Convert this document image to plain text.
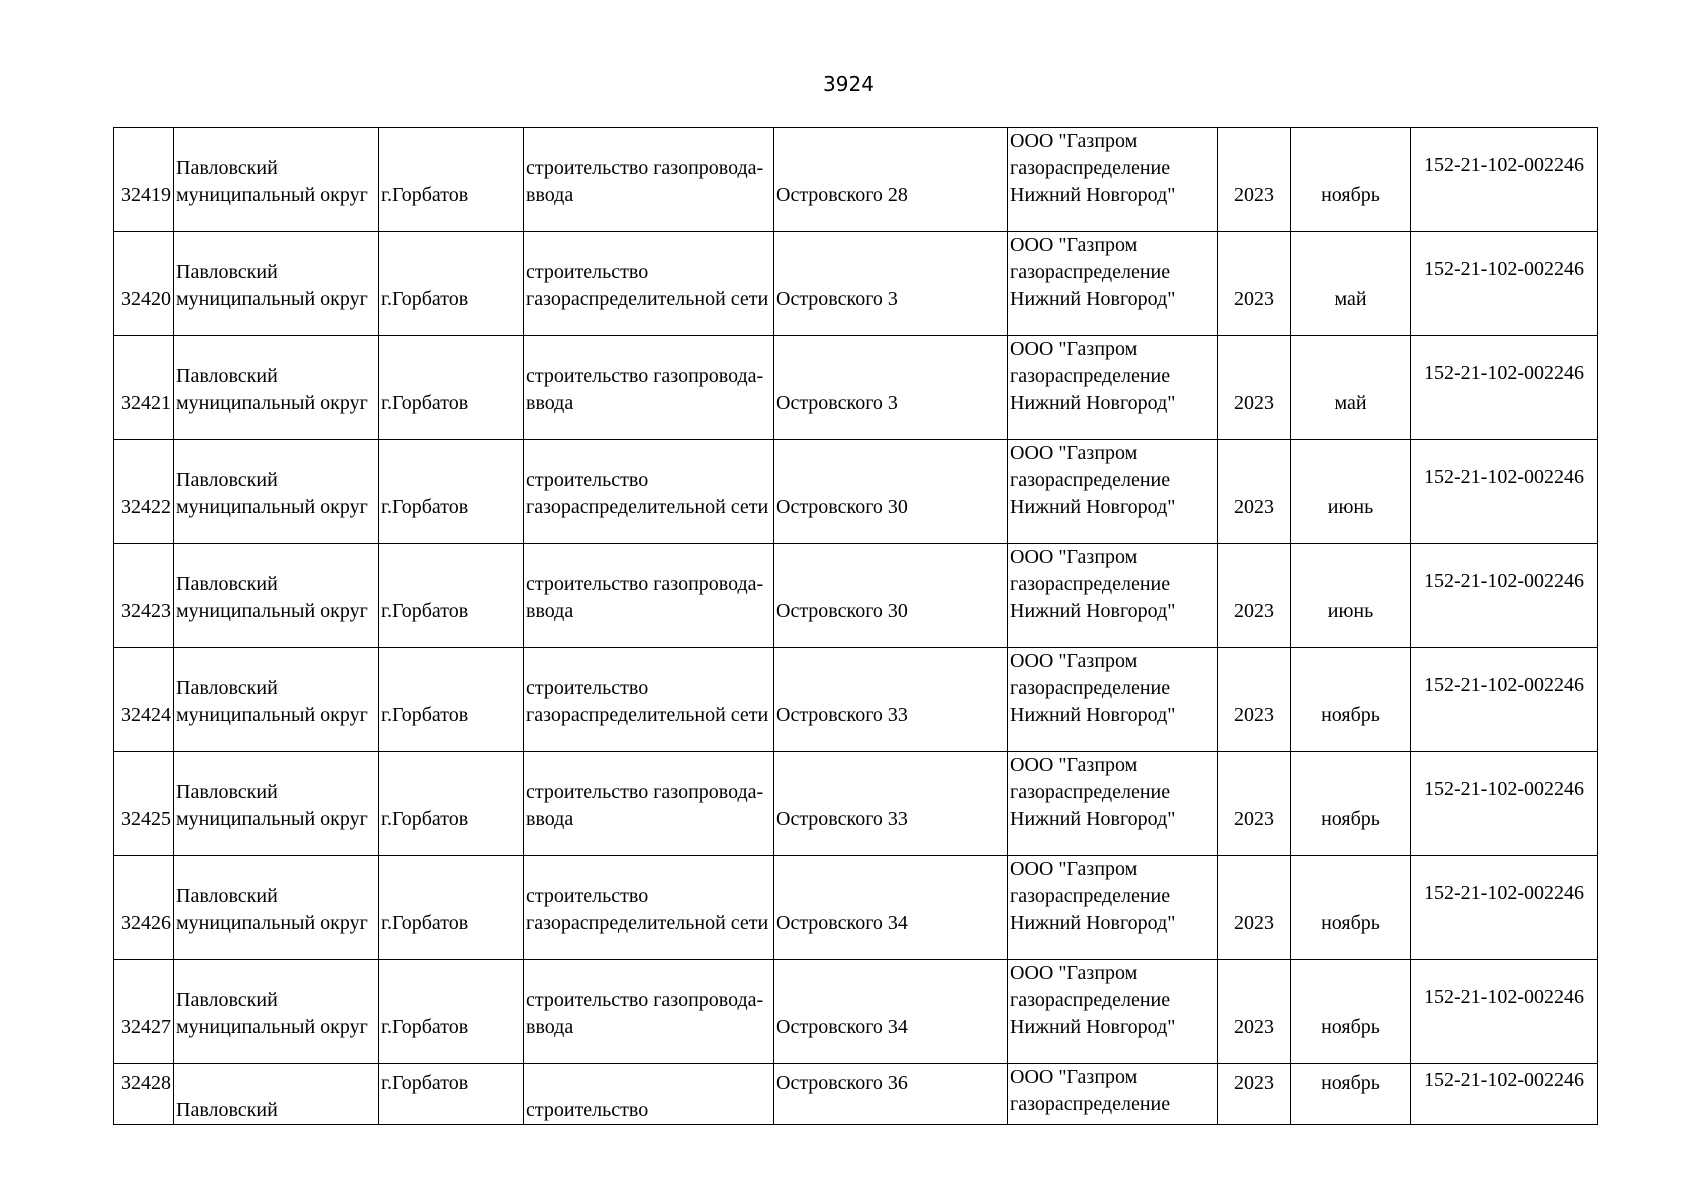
3924
32419	Павловский
муниципальный округ	г.Горбатов	строительство газопровода-
ввода	Островского 28	ООО "Газпром
газораспределение
Нижний Новгород"	2023	ноябрь	152-21-102-002246

32420	Павловский
муниципальный округ	г.Горбатов	строительство
газораспределительной сети	Островского 3	ООО "Газпром
газораспределение
Нижний Новгород"	2023	май	152-21-102-002246

32421	Павловский
муниципальный округ	г.Горбатов	строительство газопровода-
ввода	Островского 3	ООО "Газпром
газораспределение
Нижний Новгород"	2023	май	152-21-102-002246

32422	Павловский
муниципальный округ	г.Горбатов	строительство
газораспределительной сети	Островского 30	ООО "Газпром
газораспределение
Нижний Новгород"	2023	июнь	152-21-102-002246

32423	Павловский
муниципальный округ	г.Горбатов	строительство газопровода-
ввода	Островского 30	ООО "Газпром
газораспределение
Нижний Новгород"	2023	июнь	152-21-102-002246

32424	Павловский
муниципальный округ	г.Горбатов	строительство
газораспределительной сети	Островского 33	ООО "Газпром
газораспределение
Нижний Новгород"	2023	ноябрь	152-21-102-002246

32425	Павловский
муниципальный округ	г.Горбатов	строительство газопровода-
ввода	Островского 33	ООО "Газпром
газораспределение
Нижний Новгород"	2023	ноябрь	152-21-102-002246

32426	Павловский
муниципальный округ	г.Горбатов	строительство
газораспределительной сети	Островского 34	ООО "Газпром
газораспределение
Нижний Новгород"	2023	ноябрь	152-21-102-002246

32427	Павловский
муниципальный округ	г.Горбатов	строительство газопровода-
ввода	Островского 34	ООО "Газпром
газораспределение
Нижний Новгород"	2023	ноябрь	152-21-102-002246

32428	Павловский	г.Горбатов	строительство	Островского 36	ООО "Газпром
газораспределение	2023	ноябрь	152-21-102-002246
